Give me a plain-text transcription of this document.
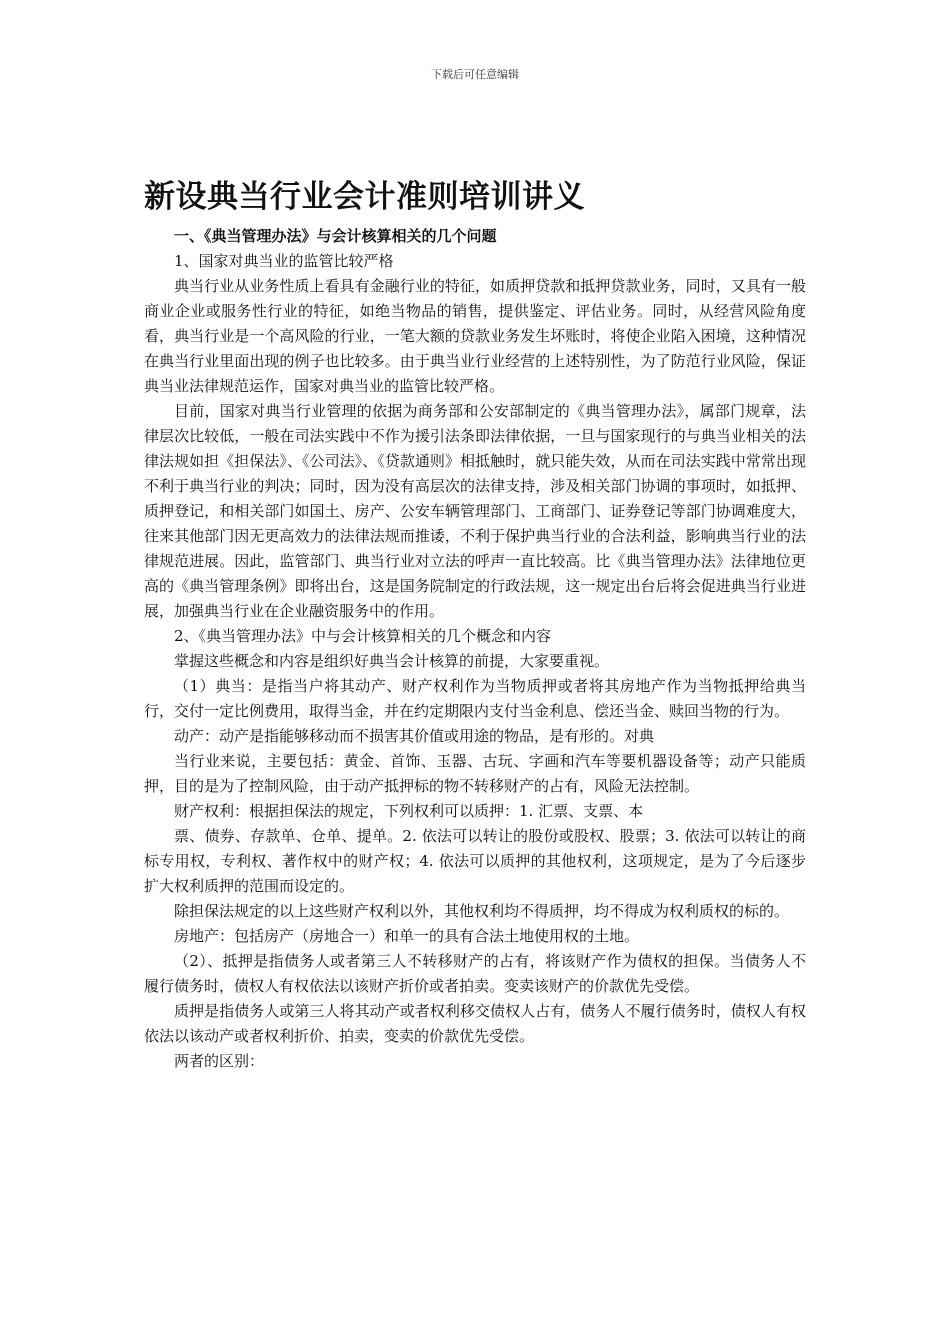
下载后可任意编辑
新设典当行业会计准则培训讲义

一、《典当管理办法》与会计核算相关的几个问题

1、国家对典当业的监管比较严格

典当行业从业务性质上看具有金融行业的特征，如质押贷款和抵押贷款业务，同时，又具有一般商业企业或服务性行业的特征，如绝当物品的销售，提供鉴定、评估业务。同时，从经营风险角度看，典当行业是一个高风险的行业，一笔大额的贷款业务发生坏账时，将使企业陷入困境，这种情况在典当行业里面出现的例子也比较多。由于典当业行业经营的上述特别性，为了防范行业风险，保证典当业法律规范运作，国家对典当业的监管比较严格。

目前，国家对典当行业管理的依据为商务部和公安部制定的《典当管理办法》，属部门规章，法律层次比较低，一般在司法实践中不作为援引法条即法律依据，一旦与国家现行的与典当业相关的法律法规如担《担保法》、《公司法》、《贷款通则》相抵触时，就只能失效，从而在司法实践中常常出现不利于典当行业的判决；同时，因为没有高层次的法律支持，涉及相关部门协调的事项时，如抵押、质押登记，和相关部门如国土、房产、公安车辆管理部门、工商部门、证券登记等部门协调难度大，往来其他部门因无更高效力的法律法规而推诿，不利于保护典当行业的合法利益，影响典当行业的法律规范进展。因此，监管部门、典当行业对立法的呼声一直比较高。比《典当管理办法》法律地位更高的《典当管理条例》即将出台，这是国务院制定的行政法规，这一规定出台后将会促进典当行业进展，加强典当行业在企业融资服务中的作用。

2、《典当管理办法》中与会计核算相关的几个概念和内容

掌握这些概念和内容是组织好典当会计核算的前提，大家要重视。

（1）典当：是指当户将其动产、财产权利作为当物质押或者将其房地产作为当物抵押给典当行，交付一定比例费用，取得当金，并在约定期限内支付当金利息、偿还当金、赎回当物的行为。

动产：动产是指能够移动而不损害其价值或用途的物品，是有形的。对典

当行业来说，主要包括：黄金、首饰、玉器、古玩、字画和汽车等要机器设备等；动产只能质押，目的是为了控制风险，由于动产抵押标的物不转移财产的占有，风险无法控制。

财产权利：根据担保法的规定，下列权利可以质押：1. 汇票、支票、本

票、债券、存款单、仓单、提单。2. 依法可以转让的股份或股权、股票；3. 依法可以转让的商标专用权，专利权、著作权中的财产权；4. 依法可以质押的其他权利，这项规定，是为了今后逐步扩大权利质押的范围而设定的。

除担保法规定的以上这些财产权利以外，其他权利均不得质押，均不得成为权利质权的标的。

房地产：包括房产（房地合一）和单一的具有合法土地使用权的土地。

（2）、抵押是指债务人或者第三人不转移财产的占有，将该财产作为债权的担保。当债务人不履行债务时，债权人有权依法以该财产折价或者拍卖。变卖该财产的价款优先受偿。

质押是指债务人或第三人将其动产或者权利移交债权人占有，债务人不履行债务时，债权人有权依法以该动产或者权利折价、拍卖，变卖的价款优先受偿。

两者的区别：
